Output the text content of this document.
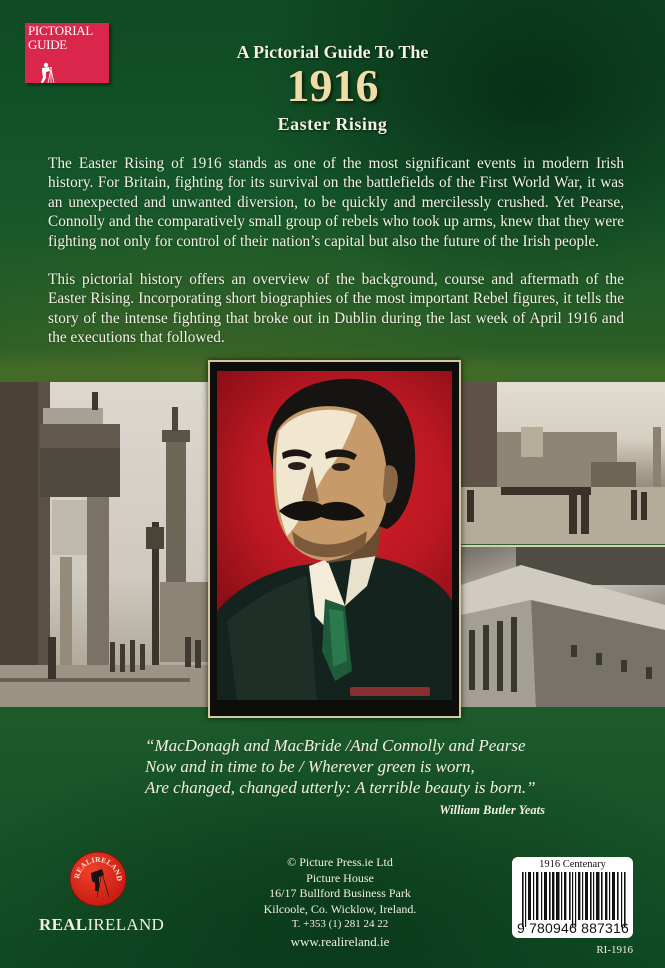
PICTORIAL
GUIDE	A Pictorial Guide To The
1916
Easter Rising
The Easter Rising of 1916 stands as one of the most significant events in modern Irish history. For Britain, fighting for its survival on the battlefields of the First World War, it was an unexpected and unwanted diversion, to be quickly and mercilessly crushed. Yet Pearse, Connolly and the comparatively small group of rebels who took up arms, knew that they were fighting not only for control of their nation’s capital but also the future of the Irish people.
This pictorial history offers an overview of the background, course and aftermath of the Easter Rising. Incorporating short biographies of the most important Rebel figures, it tells the story of the intense fighting that broke out in Dublin during the last week of April 1916 and the executions that followed.
“MacDonagh and MacBride /And Connolly and Pearse
Now and in time to be / Wherever green is worn,
Are changed, changed utterly: A terrible beauty is born.”
William Butler Yeats
REALIRELAND
REALIRELAND
© Picture Press.ie Ltd
Picture House
16/17 Bullford Business Park
Kilcoole, Co. Wicklow, Ireland.
T. +353 (1) 281 24 22
www.realireland.ie
1916 Centenary
9 780946 887316
RI-1916
